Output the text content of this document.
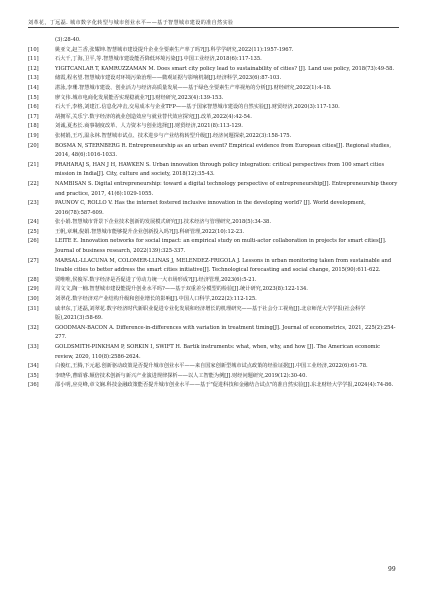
刘革花，丁远磊. 城市数字化转型与城市创业水平——基于智慧城市建设的准自然实验
(3):28-40.
[10]	姚亚文,赵兰香,张耀坤.智慧城市建设提升企业全要素生产率了吗?[J].科学学研究,2022(11):1957-1967.
[11]	石大千,丁海,卫平,等.智慧城市建设能否降低环境污染[J].中国工业经济,2018(6):117-135.
[12]	YIGITCANLAR T, KAMRUZZAMAN M. Does smart city policy lead to sustainability of cities? [J]. Land use policy, 2018(73):49-58.
[13]	储霞,程名望.智慧城市建设对环境污染治理——微观证据与影响机制[J].经济科学,2023(6):87-103.
[14]	湛泳,李珊.智慧城市建设、创业活力与经济高质量发展——基于绿色全要素生产率视角的分析[J].财经研究,2022(1):4-18.
[15]	廖文伟.城市电商化发展能否实现稳就业?[J].财经研究,2023(4):139-153.
[16]	石大千,李格,刘建江.信息化冲击,交易成本与企业TFP——基于国家智慧城市建设的自然实验[J].财贸经济,2020(3):117-130.
[17]	胡拥军,关乐宁.数字经济的就业创造效应与就业替代效应探究[J].改革,2022(4):42-54.
[18]	刘诚,夏杰长.商事制度改革、人力资本与创业选择[J].财贸经济,2021(8):113-129.
[19]	张树娟,王巧,温永林.智慧城市试点、技术进步与产业结构转型升级[J].经济问题探索,2022(3):158-175.
[20]	BOSMA N, STERNBERG R. Entrepreneurship as an urban event? Empirical evidence from European cities[J]. Regional studies, 2014, 48(6):1016-1033.
[21]	PRAHARAJ S, HAN J H, HAWKEN S. Urban innovation through policy integration: critical perspectives from 100 smart cities mission in India[J]. City, culture and society, 2018(12):35-43.
[22]	NAMBISAN S. Digital entrepreneurship: toward a digital technology perspective of entrepreneurship[J]. Entrepreneurship theory and practice, 2017, 41(6):1029-1055.
[23]	PAUNOV C, ROLLO V. Has the internet fostered inclusive innovation in the developing world? [J]. World development, 2016(78):587-609.
[24]	张小娟.智慧城市背景下企业技术创新的发展模式研究[J].技术经济与管理研究,2018(5):34-38.
[25]	王帆,章琳,倪娟.智慧城市能够提升企业创新投入吗?[J].科研管理,2022(10):12-23.
[26]	LEITE E. Innovation networks for social impact: an empirical study on multi-actor collaboration in projects for smart cities[J]. Journal of business research, 2022(139):325-337.
[27]	MARSAL-LLACUNA M, COLOMER-LLINAS J, MELENDEZ-FRIGOLA J. Lessons in urban monitoring taken from sustainable and livable cities to better address the smart cities initiative[J]. Technological forecasting and social change, 2015(90):611-622.
[28]	贾唯唯,侯俊军.数字经济是否促进了劳动力统一大市场形成?[J].经济管理,2023(6):5-21.
[29]	周文文,陶一楠.智慧城市建设能提升创业水平吗?——基于双重差分模型的检验[J].统计研究,2023(8):122-134.
[30]	刘翠花.数字经济对产业结构升级和创业增长的影响[J].中国人口科学,2022(2):112-125.
[31]	戚聿东,丁述磊,刘翠花.数字经济时代新职业促进专业化发展和经济增长的机理研究——基于社会分工视角[J].北京师范大学学报(社会科学版),2021(3):58-69.
[32]	GOODMAN-BACON A. Difference-in-differences with variation in treatment timing[J]. Journal of econometrics, 2021, 225(2):254-277.
[33]	GOLDSMITH-PINKHAM P, SORKIN I, SWIFT H. Bartik instruments: what, when, why, and how [J]. The American economic review, 2020, 110(8):2586-2624.
[34]	白俊红,王腾,下元超.创新驱动政策是否提升城市创业水平——来自国家创新型城市试点政策的经验证据[J].中国工业经济,2022(6):61-78.
[35]	李晓华,曹昭睿.颠倍技术创新与新兴产业演进规律探析——以人工智能为例[J].财经问题研究,2019(12):30-40.
[36]	邵小明,应亮峰,章文娴.科技金融政策能否提升城市创业水平——基于"促进科技和金融结合试点"的准自然实验[J].东北财经大学学报,2024(4):74-86.
99
